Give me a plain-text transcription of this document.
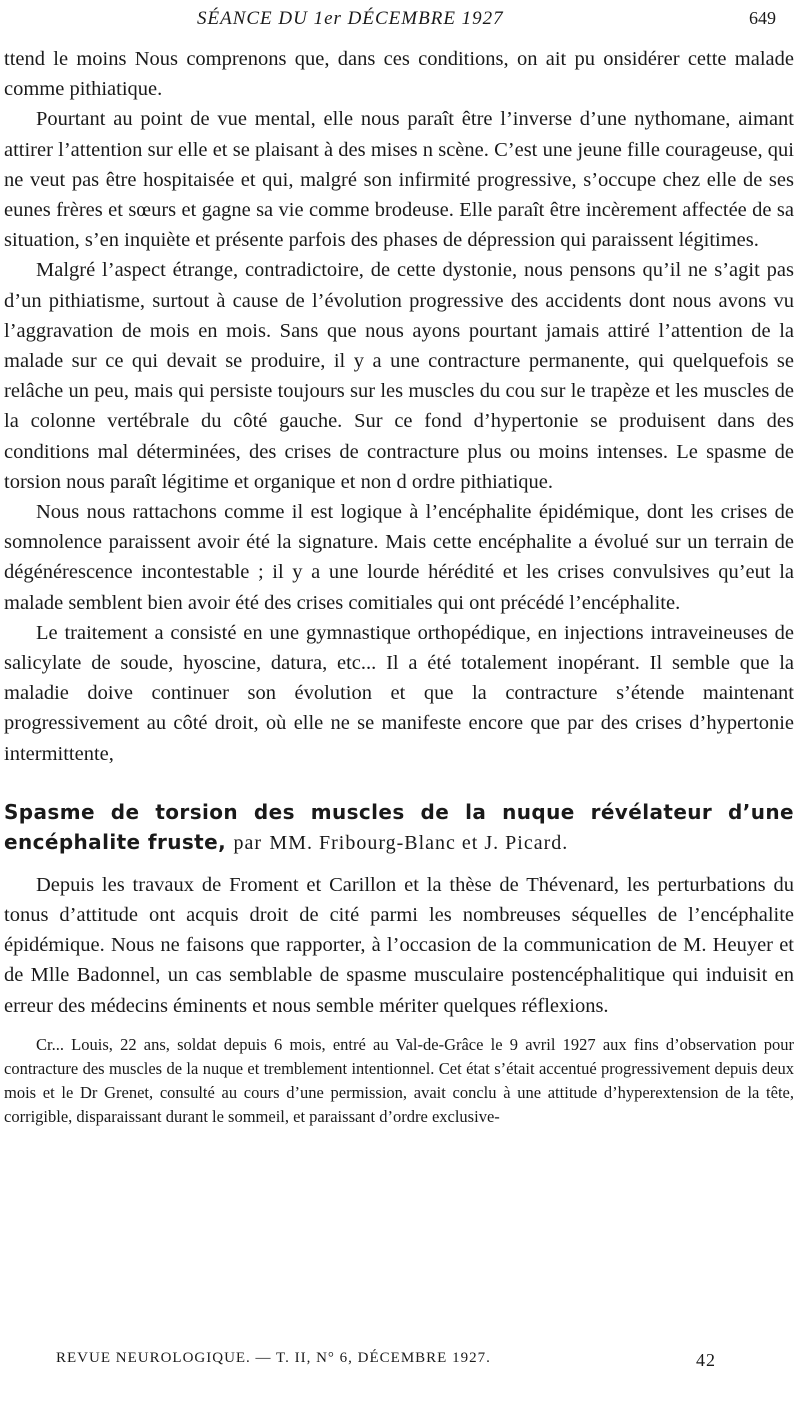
SÉANCE DU 1er DÉCEMBRE 1927	649

ttend le moins Nous comprenons que, dans ces conditions, on ait pu onsidérer cette malade comme pithiatique.

Pourtant au point de vue mental, elle nous paraît être l’inverse d’une nythomane, aimant attirer l’attention sur elle et se plaisant à des mises n scène. C’est une jeune fille courageuse, qui ne veut pas être hospitaisée et qui, malgré son infirmité progressive, s’occupe chez elle de ses eunes frères et sœurs et gagne sa vie comme brodeuse. Elle paraît être incèrement affectée de sa situation, s’en inquiète et présente parfois des phases de dépression qui paraissent légitimes.

Malgré l’aspect étrange, contradictoire, de cette dystonie, nous pensons qu’il ne s’agit pas d’un pithiatisme, surtout à cause de l’évolution progressive des accidents dont nous avons vu l’aggravation de mois en mois. Sans que nous ayons pourtant jamais attiré l’attention de la malade sur ce qui devait se produire, il y a une contracture permanente, qui quelquefois se relâche un peu, mais qui persiste toujours sur les muscles du cou sur le trapèze et les muscles de la colonne vertébrale du côté gauche. Sur ce fond d’hypertonie se produisent dans des conditions mal déterminées, des crises de contracture plus ou moins intenses. Le spasme de torsion nous paraît légitime et organique et non d ordre pithiatique.

Nous nous rattachons comme il est logique à l’encéphalite épidémique, dont les crises de somnolence paraissent avoir été la signature. Mais cette encéphalite a évolué sur un terrain de dégénérescence incontestable ; il y a une lourde hérédité et les crises convulsives qu’eut la malade semblent bien avoir été des crises comitiales qui ont précédé l’encéphalite.

Le traitement a consisté en une gymnastique orthopédique, en injections intraveineuses de salicylate de soude, hyoscine, datura, etc... Il a été totalement inopérant. Il semble que la maladie doive continuer son évolution et que la contracture s’étende maintenant progressivement au côté droit, où elle ne se manifeste encore que par des crises d’hypertonie intermittente,

Spasme de torsion des muscles de la nuque révélateur d’une encéphalite fruste, par MM. Fribourg-Blanc et J. Picard.

Depuis les travaux de Froment et Carillon et la thèse de Thévenard, les perturbations du tonus d’attitude ont acquis droit de cité parmi les nombreuses séquelles de l’encéphalite épidémique. Nous ne faisons que rapporter, à l’occasion de la communication de M. Heuyer et de Mlle Badonnel, un cas semblable de spasme musculaire postencéphalitique qui induisit en erreur des médecins éminents et nous semble mériter quelques réflexions.

Cr... Louis, 22 ans, soldat depuis 6 mois, entré au Val-de-Grâce le 9 avril 1927 aux fins d’observation pour contracture des muscles de la nuque et tremblement intentionnel. Cet état s’était accentué progressivement depuis deux mois et le Dr Grenet, consulté au cours d’une permission, avait conclu à une attitude d’hyperextension de la tête, corrigible, disparaissant durant le sommeil, et paraissant d’ordre exclusive-

REVUE NEUROLOGIQUE. — T. II, N° 6, DÉCEMBRE 1927.	42
